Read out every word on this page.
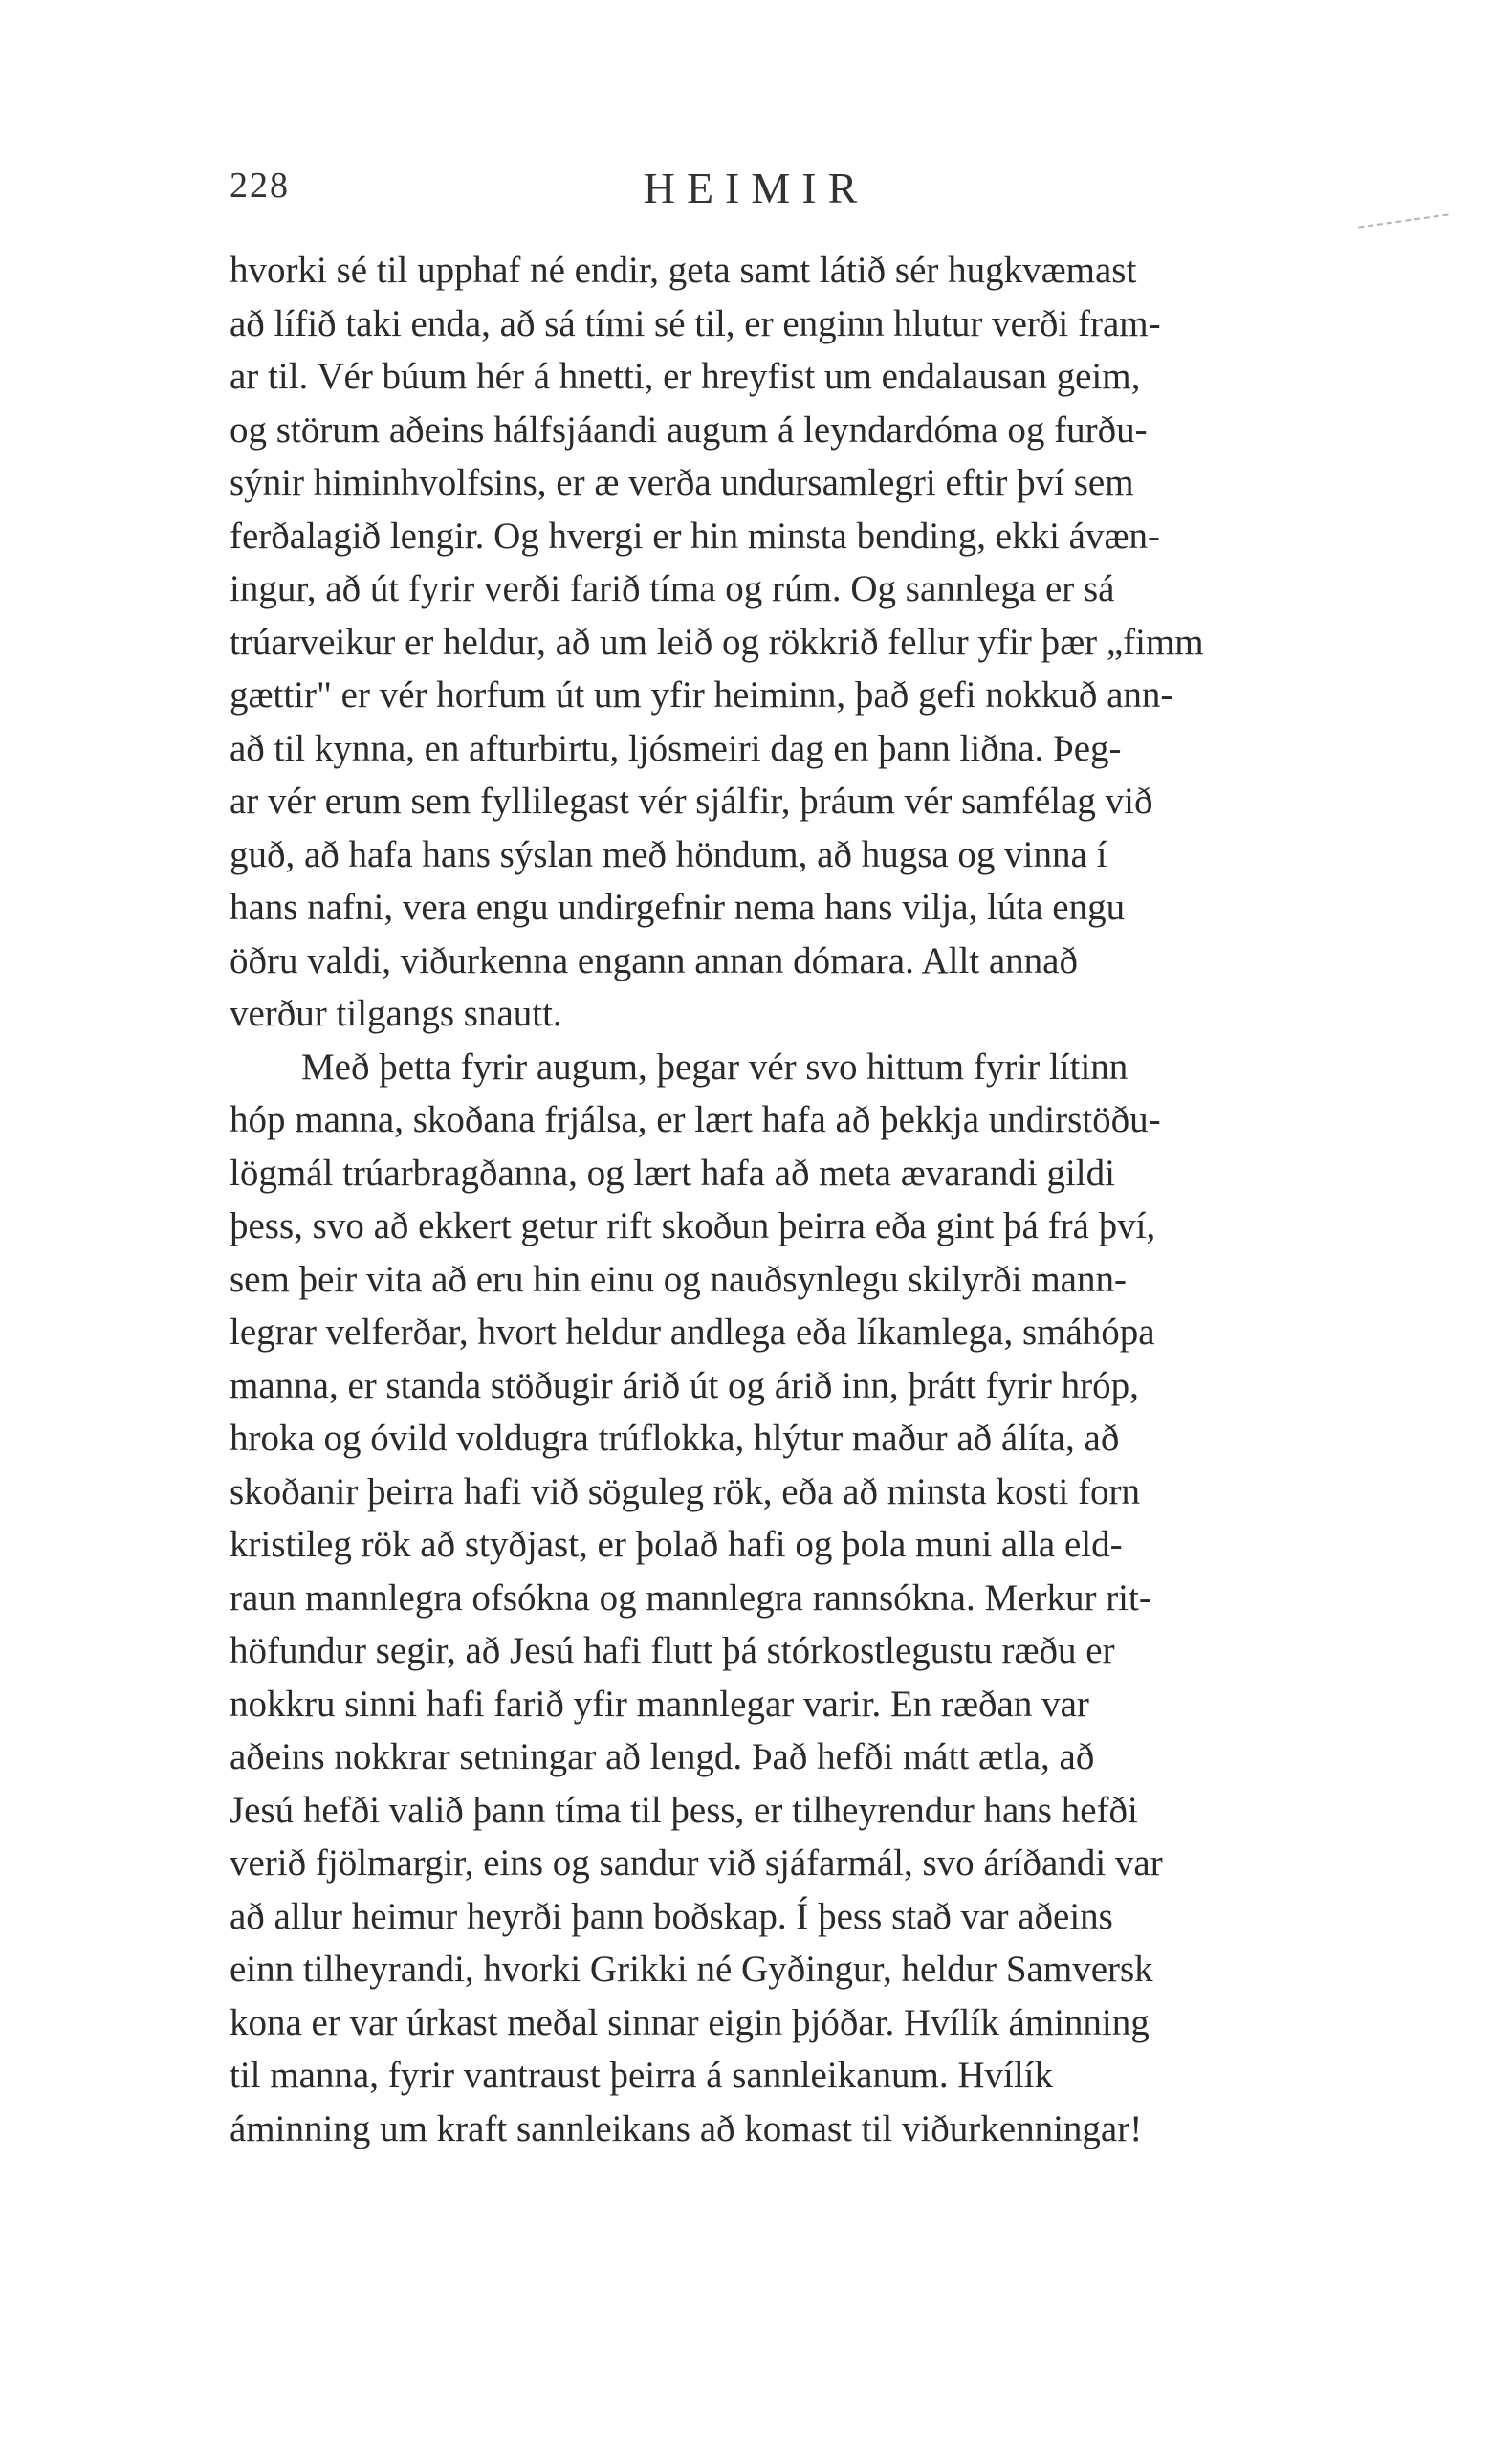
228	HEIMIR
hvorki sé til upphaf né endir, geta samt látið sér hugkvæmast
að lífið taki enda, að sá tími sé til, er enginn hlutur verði fram-
ar til. Vér búum hér á hnetti, er hreyfist um endalausan geim,
og störum aðeins hálfsjáandi augum á leyndardóma og furðu-
sýnir himinhvolfsins, er æ verða undursamlegri eftir því sem
ferðalagið lengir. Og hvergi er hin minsta bending, ekki ávæn-
ingur, að út fyrir verði farið tíma og rúm. Og sannlega er sá
trúarveikur er heldur, að um leið og rökkrið fellur yfir þær „fimm
gættir" er vér horfum út um yfir heiminn, það gefi nokkuð ann-
að til kynna, en afturbirtu, ljósmeiri dag en þann liðna. Þeg-
ar vér erum sem fyllilegast vér sjálfir, þráum vér samfélag við
guð, að hafa hans sýslan með höndum, að hugsa og vinna í
hans nafni, vera engu undirgefnir nema hans vilja, lúta engu
öðru valdi, viðurkenna engann annan dómara. Allt annað
verður tilgangs snautt.
Með þetta fyrir augum, þegar vér svo hittum fyrir lítinn
hóp manna, skoðana frjálsa, er lært hafa að þekkja undirstöðu-
lögmál trúarbragðanna, og lært hafa að meta ævarandi gildi
þess, svo að ekkert getur rift skoðun þeirra eða gint þá frá því,
sem þeir vita að eru hin einu og nauðsynlegu skilyrði mann-
legrar velferðar, hvort heldur andlega eða líkamlega, smáhópa
manna, er standa stöðugir árið út og árið inn, þrátt fyrir hróp,
hroka og óvild voldugra trúflokka, hlýtur maður að álíta, að
skoðanir þeirra hafi við söguleg rök, eða að minsta kosti forn
kristileg rök að styðjast, er þolað hafi og þola muni alla eld-
raun mannlegra ofsókna og mannlegra rannsókna. Merkur rit-
höfundur segir, að Jesú hafi flutt þá stórkostlegustu ræðu er
nokkru sinni hafi farið yfir mannlegar varir. En ræðan var
aðeins nokkrar setningar að lengd. Það hefði mátt ætla, að
Jesú hefði valið þann tíma til þess, er tilheyrendur hans hefði
verið fjölmargir, eins og sandur við sjáfarmál, svo áríðandi var
að allur heimur heyrði þann boðskap. Í þess stað var aðeins
einn tilheyrandi, hvorki Grikki né Gyðingur, heldur Samversk
kona er var úrkast meðal sinnar eigin þjóðar. Hvílík áminning
til manna, fyrir vantraust þeirra á sannleikanum. Hvílík
áminning um kraft sannleikans að komast til viðurkenningar!
